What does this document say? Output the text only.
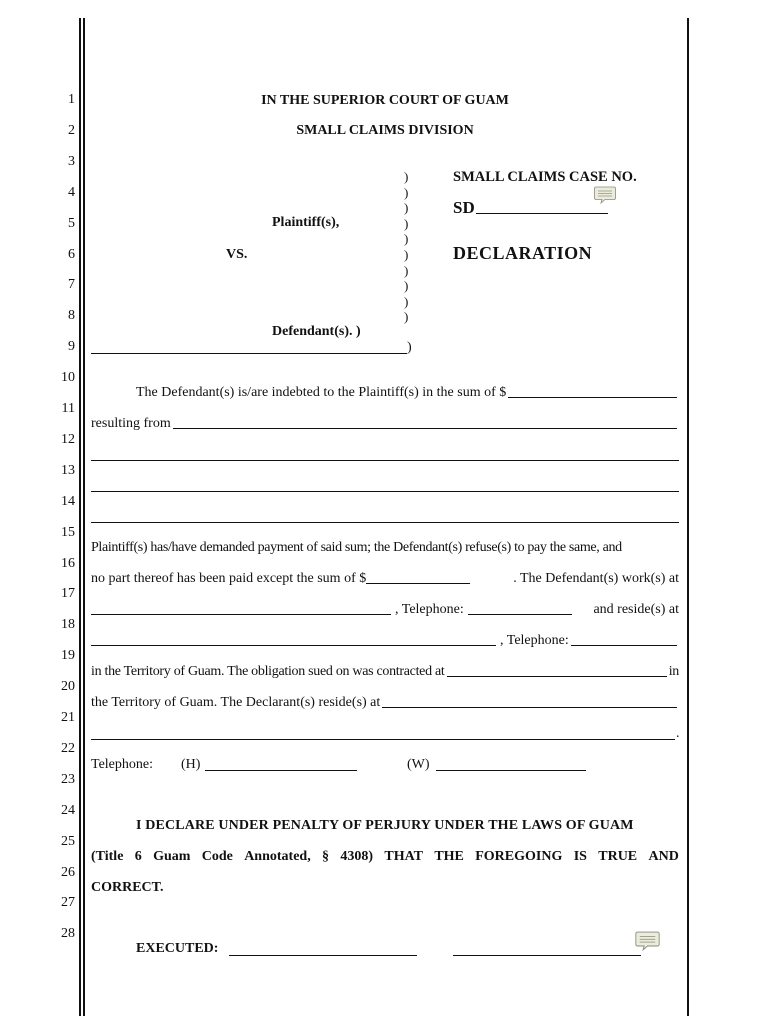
1
2
3
4
5
6
7
8
9
10
11
12
13
14
15
16
17
18
19
20
21
22
23
24
25
26
27
28
IN THE SUPERIOR COURT OF GUAM
SMALL CLAIMS DIVISION
)
)
)
)
)
)
)
)
)
)
Plaintiff(s),
VS.
Defendant(s). )
)
SMALL CLAIMS CASE NO.
SD
DECLARATION
The Defendant(s) is/are indebted to the Plaintiff(s) in the sum of $
resulting from
Plaintiff(s) has/have demanded payment of said sum; the Defendant(s) refuse(s) to pay the same, and
no part thereof has been paid except the sum of $	. The Defendant(s) work(s) at
, Telephone:	and reside(s) at
, Telephone:
in the Territory of Guam. The obligation sued on was contracted at	in
the Territory of Guam. The Declarant(s) reside(s) at
.
Telephone: (H)	(W)
I DECLARE UNDER PENALTY OF PERJURY UNDER THE LAWS OF GUAM
(Title 6 Guam Code Annotated, § 4308) THAT THE FOREGOING IS TRUE AND
CORRECT.
EXECUTED:
